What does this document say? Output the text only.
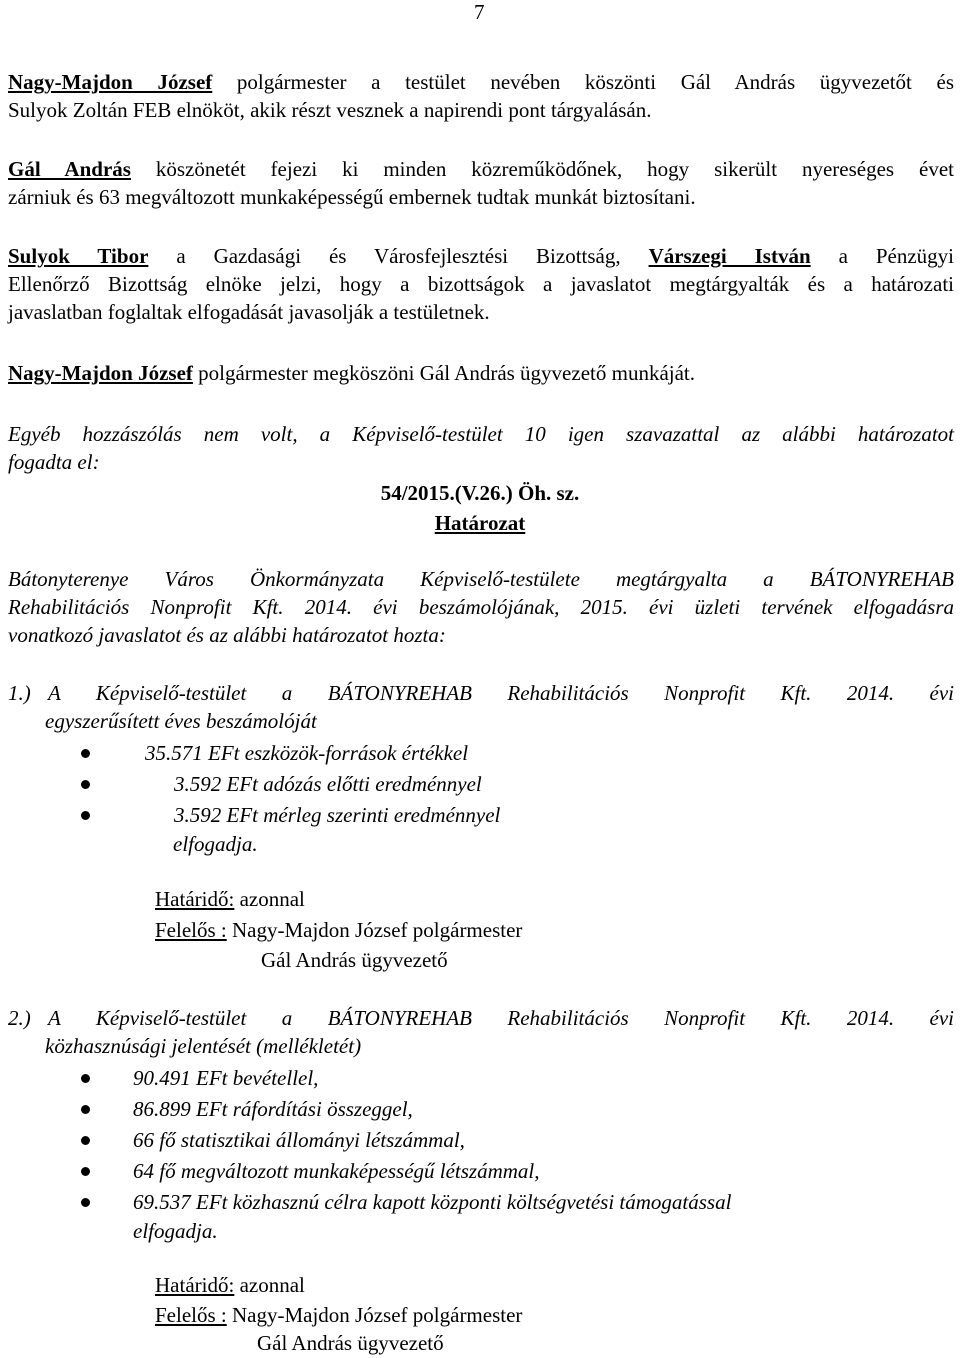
7
Nagy-Majdon József polgármester a testület nevében köszönti Gál András ügyvezetőt és
Sulyok Zoltán FEB elnököt, akik részt vesznek a napirendi pont tárgyalásán.
Gál András köszönetét fejezi ki minden közreműködőnek, hogy sikerült nyereséges évet
zárniuk és 63 megváltozott munkaképességű embernek tudtak munkát biztosítani.
Sulyok Tibor a Gazdasági és Városfejlesztési Bizottság, Várszegi István a Pénzügyi
Ellenőrző Bizottság elnöke jelzi, hogy a bizottságok a javaslatot megtárgyalták és a határozati
javaslatban foglaltak elfogadását javasolják a testületnek.
Nagy-Majdon József polgármester megköszöni Gál András ügyvezető munkáját.
Egyéb hozzászólás nem volt, a Képviselő-testület 10 igen szavazattal az alábbi határozatot
fogadta el:
54/2015.(V.26.) Öh. sz.
Határozat
Bátonyterenye Város Önkormányzata Képviselő-testülete megtárgyalta a BÁTONYREHAB
Rehabilitációs Nonprofit Kft. 2014. évi beszámolójának, 2015. évi üzleti tervének elfogadásra
vonatkozó javaslatot és az alábbi határozatot hozta:
1.) A Képviselő-testület a BÁTONYREHAB Rehabilitációs Nonprofit Kft. 2014. évi
egyszerűsített éves beszámolóját
35.571 EFt eszközök-források értékkel
3.592 EFt adózás előtti eredménnyel
3.592 EFt mérleg szerinti eredménnyel
elfogadja.
Határidő: azonnal
Felelős : Nagy-Majdon József polgármester
Gál András ügyvezető
2.) A Képviselő-testület a BÁTONYREHAB Rehabilitációs Nonprofit Kft. 2014. évi
közhasznúsági jelentését (mellékletét)
90.491 EFt bevétellel,
86.899 EFt ráfordítási összeggel,
66 fő statisztikai állományi létszámmal,
64 fő megváltozott munkaképességű létszámmal,
69.537 EFt közhasznú célra kapott központi költségvetési támogatással
elfogadja.
Határidő: azonnal
Felelős : Nagy-Majdon József polgármester
Gál András ügyvezető
